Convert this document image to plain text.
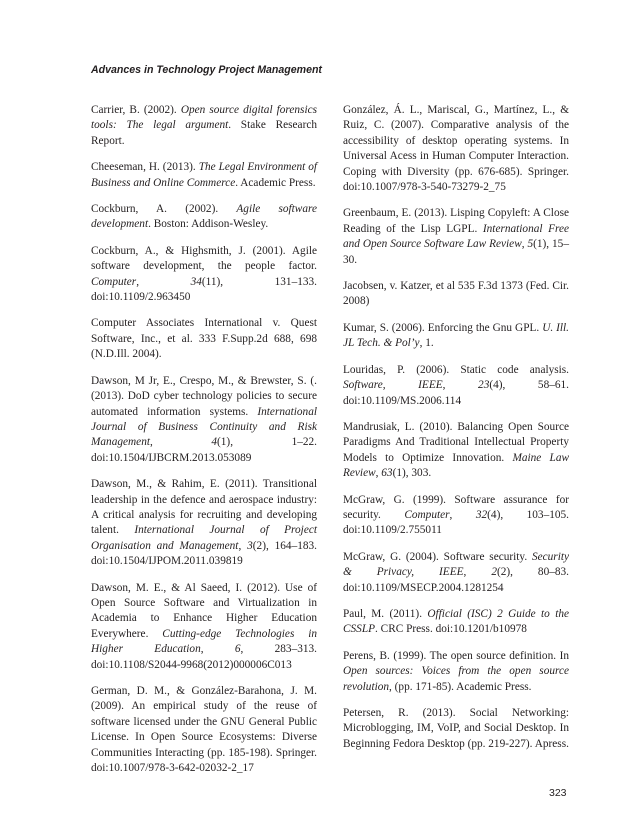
Advances in Technology Project Management

Carrier, B. (2002). Open source digital forensics tools: The legal argument. Stake Research Report.

Cheeseman, H. (2013). The Legal Environment of Business and Online Commerce. Academic Press.

Cockburn, A. (2002). Agile software development. Boston: Addison-Wesley.

Cockburn, A., & Highsmith, J. (2001). Agile software development, the people factor. Computer, 34(11), 131–133. doi:10.1109/2.963450

Computer Associates International v. Quest Software, Inc., et al. 333 F.Supp.2d 688, 698 (N.D.Ill. 2004).

Dawson, M Jr, E., Crespo, M., & Brewster, S. (. (2013). DoD cyber technology policies to secure automated information systems. International Journal of Business Continuity and Risk Management, 4(1), 1–22. doi:10.1504/IJBCRM.2013.053089

Dawson, M., & Rahim, E. (2011). Transitional leadership in the defence and aerospace industry: A critical analysis for recruiting and developing talent. International Journal of Project Organisation and Management, 3(2), 164–183. doi:10.1504/IJPOM.2011.039819

Dawson, M. E., & Al Saeed, I. (2012). Use of Open Source Software and Virtualization in Academia to Enhance Higher Education Everywhere. Cutting-edge Technologies in Higher Education, 6, 283–313. doi:10.1108/S2044-9968(2012)000006C013

German, D. M., & González-Barahona, J. M. (2009). An empirical study of the reuse of software licensed under the GNU General Public License. In Open Source Ecosystems: Diverse Communities Interacting (pp. 185-198). Springer. doi:10.1007/978-3-642-02032-2_17

González, Á. L., Mariscal, G., Martínez, L., & Ruiz, C. (2007). Comparative analysis of the accessibility of desktop operating systems. In Universal Acess in Human Computer Interaction. Coping with Diversity (pp. 676-685). Springer. doi:10.1007/978-3-540-73279-2_75

Greenbaum, E. (2013). Lisping Copyleft: A Close Reading of the Lisp LGPL. International Free and Open Source Software Law Review, 5(1), 15–30.

Jacobsen, v. Katzer, et al 535 F.3d 1373 (Fed. Cir. 2008)

Kumar, S. (2006). Enforcing the Gnu GPL. U. Ill. JL Tech. & Pol’y, 1.

Louridas, P. (2006). Static code analysis. Software, IEEE, 23(4), 58–61. doi:10.1109/MS.2006.114

Mandrusiak, L. (2010). Balancing Open Source Paradigms And Traditional Intellectual Property Models to Optimize Innovation. Maine Law Review, 63(1), 303.

McGraw, G. (1999). Software assurance for security. Computer, 32(4), 103–105. doi:10.1109/2.755011

McGraw, G. (2004). Software security. Security & Privacy, IEEE, 2(2), 80–83. doi:10.1109/MSECP.2004.1281254

Paul, M. (2011). Official (ISC) 2 Guide to the CSSLP. CRC Press. doi:10.1201/b10978

Perens, B. (1999). The open source definition. In Open sources: Voices from the open source revolution, (pp. 171-85). Academic Press.

Petersen, R. (2013). Social Networking: Microblogging, IM, VoIP, and Social Desktop. In Beginning Fedora Desktop (pp. 219-227). Apress.

323
